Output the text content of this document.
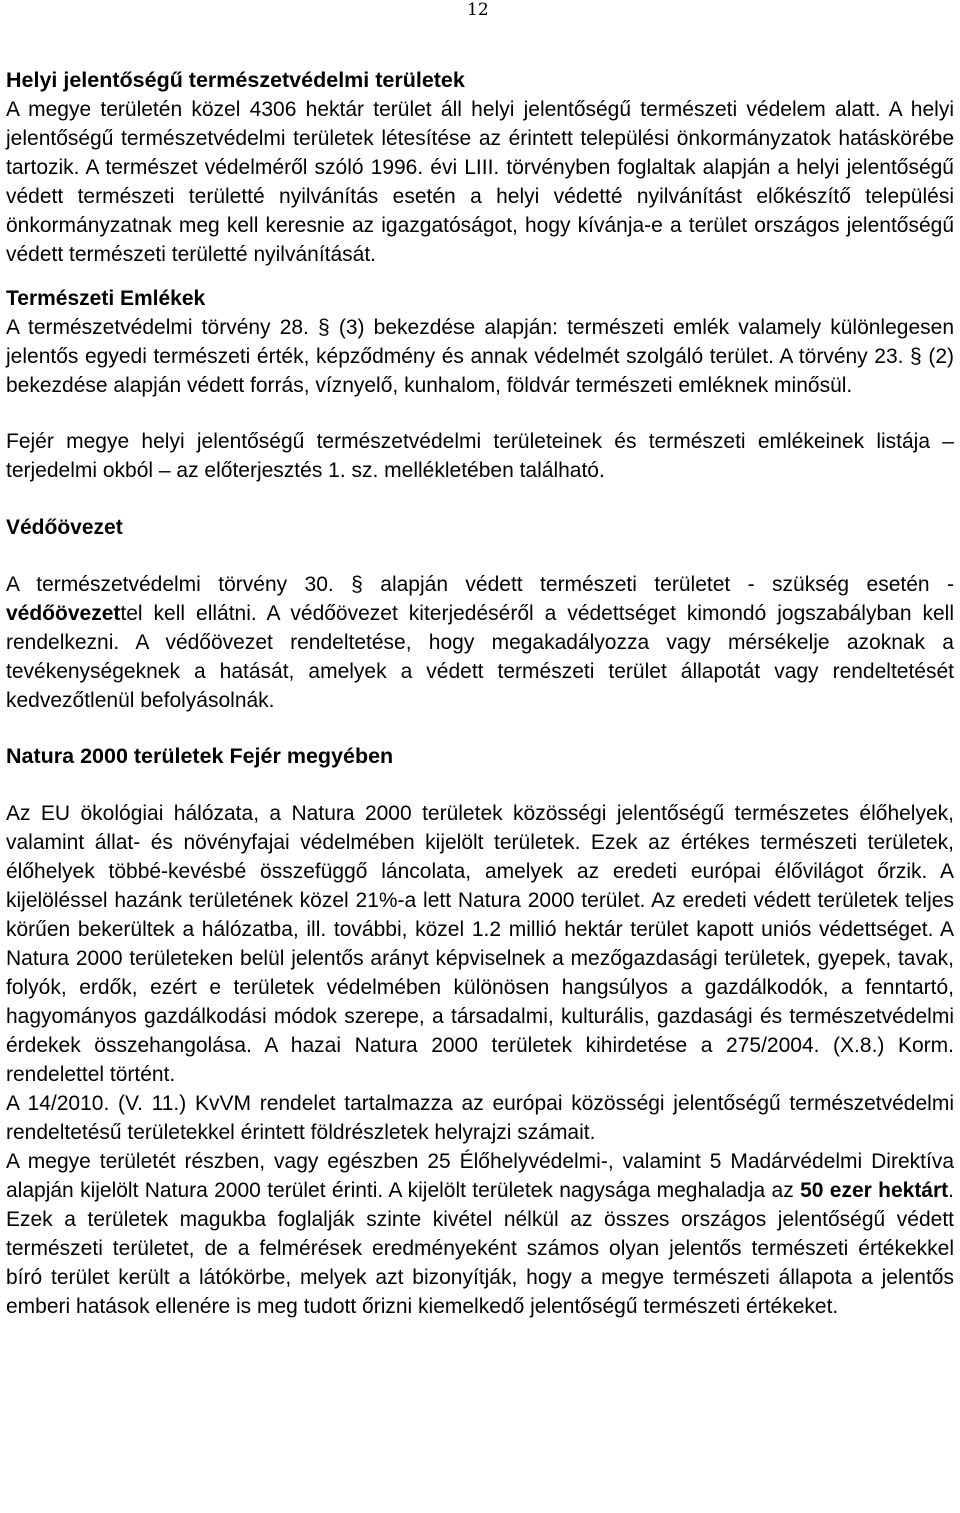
12

Helyi jelentőségű természetvédelmi területek

A megye területén közel 4306 hektár terület áll helyi jelentőségű természeti védelem alatt. A helyi jelentőségű természetvédelmi területek létesítése az érintett települési önkormányzatok hatáskörébe tartozik. A természet védelméről szóló 1996. évi LIII. törvényben foglaltak alapján a helyi jelentőségű védett természeti területté nyilvánítás esetén a helyi védetté nyilvánítást előkészítő települési önkormányzatnak meg kell keresnie az igazgatóságot, hogy kívánja-e a terület országos jelentőségű védett természeti területté nyilvánítását.

Természeti Emlékek

A természetvédelmi törvény 28. § (3) bekezdése alapján: természeti emlék valamely különlegesen jelentős egyedi természeti érték, képződmény és annak védelmét szolgáló terület. A törvény 23. § (2) bekezdése alapján védett forrás, víznyelő, kunhalom, földvár természeti emléknek minősül.

Fejér megye helyi jelentőségű természetvédelmi területeinek és természeti emlékeinek listája – terjedelmi okból – az előterjesztés 1. sz. mellékletében található.

Védőövezet

A természetvédelmi törvény 30. § alapján védett természeti területet - szükség esetén - védőövezettel kell ellátni. A védőövezet kiterjedéséről a védettséget kimondó jogszabályban kell rendelkezni. A védőövezet rendeltetése, hogy megakadályozza vagy mérsékelje azoknak a tevékenységeknek a hatását, amelyek a védett természeti terület állapotát vagy rendeltetését kedvezőtlenül befolyásolnák.

Natura 2000 területek Fejér megyében

Az EU ökológiai hálózata, a Natura 2000 területek közösségi jelentőségű természetes élőhelyek, valamint állat- és növényfajai védelmében kijelölt területek. Ezek az értékes természeti területek, élőhelyek többé-kevésbé összefüggő láncolata, amelyek az eredeti európai élővilágot őrzik. A kijelöléssel hazánk területének közel 21%-a lett Natura 2000 terület. Az eredeti védett területek teljes körűen bekerültek a hálózatba, ill. további, közel 1.2 millió hektár terület kapott uniós védettséget. A Natura 2000 területeken belül jelentős arányt képviselnek a mezőgazdasági területek, gyepek, tavak, folyók, erdők, ezért e területek védelmében különösen hangsúlyos a gazdálkodók, a fenntartó, hagyományos gazdálkodási módok szerepe, a társadalmi, kulturális, gazdasági és természetvédelmi érdekek összehangolása. A hazai Natura 2000 területek kihirdetése a 275/2004. (X.8.) Korm. rendelettel történt.

A 14/2010. (V. 11.) KvVM rendelet tartalmazza az európai közösségi jelentőségű természetvédelmi rendeltetésű területekkel érintett földrészletek helyrajzi számait.

A megye területét részben, vagy egészben 25 Élőhelyvédelmi-, valamint 5 Madárvédelmi Direktíva alapján kijelölt Natura 2000 terület érinti. A kijelölt területek nagysága meghaladja az 50 ezer hektárt. Ezek a területek magukba foglalják szinte kivétel nélkül az összes országos jelentőségű védett természeti területet, de a felmérések eredményeként számos olyan jelentős természeti értékekkel bíró terület került a látókörbe, melyek azt bizonyítják, hogy a megye természeti állapota a jelentős emberi hatások ellenére is meg tudott őrizni kiemelkedő jelentőségű természeti értékeket.
